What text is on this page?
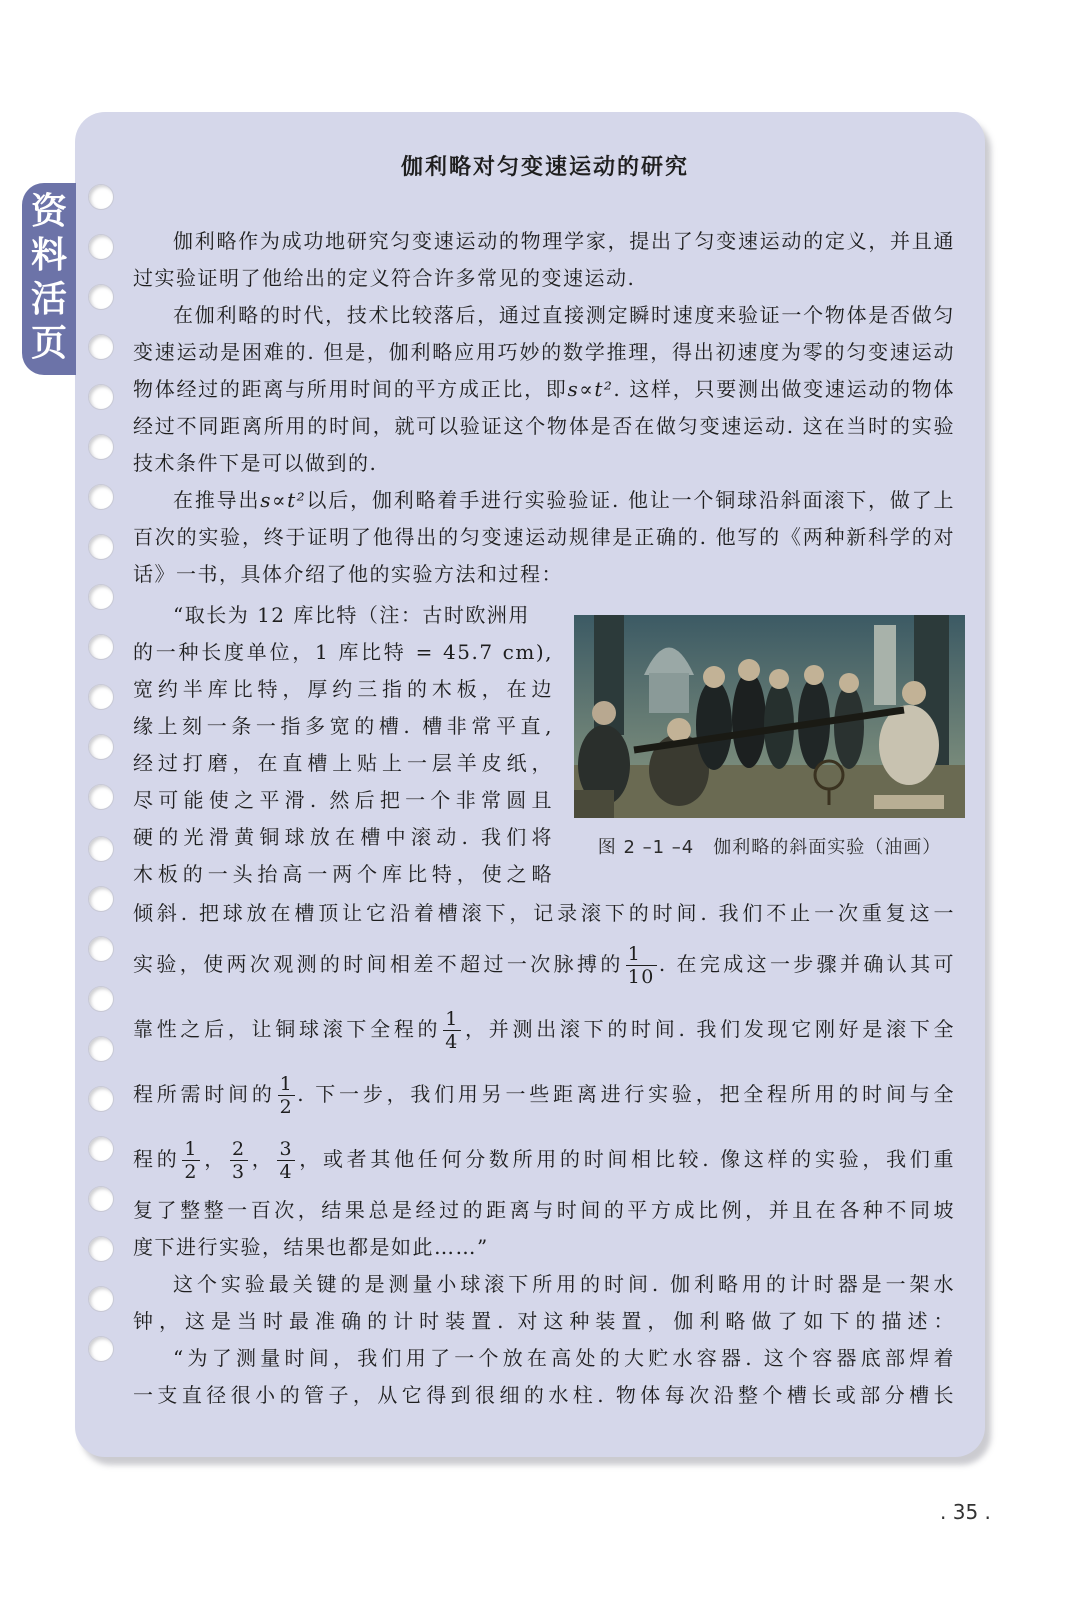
资
料
活
页
伽利略对匀变速运动的研究

伽利略作为成功地研究匀变速运动的物理学家，提出了匀变速运动的定义，并且通过实验证明了他给出的定义符合许多常见的变速运动.

在伽利略的时代，技术比较落后，通过直接测定瞬时速度来验证一个物体是否做匀变速运动是困难的. 但是，伽利略应用巧妙的数学推理，得出初速度为零的匀变速运动物体经过的距离与所用时间的平方成正比，即s∝t². 这样，只要测出做变速运动的物体经过不同距离所用的时间，就可以验证这个物体是否在做匀变速运动. 这在当时的实验技术条件下是可以做到的.

在推导出s∝t²以后，伽利略着手进行实验验证. 他让一个铜球沿斜面滚下，做了上百次的实验，终于证明了他得出的匀变速运动规律是正确的. 他写的《两种新科学的对话》一书，具体介绍了他的实验方法和过程：

“取长为 12 库比特（注：古时欧洲用
的一种长度单位，1 库比特 = 45.7 cm),
宽约半库比特，厚约三指的木板，在边
缘上刻一条一指多宽的槽. 槽非常平直,
经过打磨，在直槽上贴上一层羊皮纸，
尽可能使之平滑. 然后把一个非常圆且
硬的光滑黄铜球放在槽中滚动. 我们将
木板的一头抬高一两个库比特，使之略
图 2 –1 –4　伽利略的斜面实验（油画）
倾斜. 把球放在槽顶让它沿着槽滚下，记录滚下的时间. 我们不止一次重复这一
实验，使两次观测的时间相差不超过一次脉搏的 $\frac{1}{10}$ . 在完成这一步骤并确认其可
靠性之后，让铜球滚下全程的 $\frac{1}{4}$ ，并测出滚下的时间. 我们发现它刚好是滚下全
程所需时间的 $\frac{1}{2}$ . 下一步，我们用另一些距离进行实验，把全程所用的时间与全
程的 $\frac{1}{2}$ ， $\frac{2}{3}$ ， $\frac{3}{4}$ ，或者其他任何分数所用的时间相比较. 像这样的实验，我们重
复了整整一百次，结果总是经过的距离与时间的平方成比例，并且在各种不同坡
度下进行实验，结果也都是如此……”
这个实验最关键的是测量小球滚下所用的时间. 伽利略用的计时器是一架水
钟，这是当时最准确的计时装置. 对这种装置，伽利略做了如下的描述：
“为了测量时间，我们用了一个放在高处的大贮水容器. 这个容器底部焊着
一支直径很小的管子，从它得到很细的水柱. 物体每次沿整个槽长或部分槽长
. 35 .
